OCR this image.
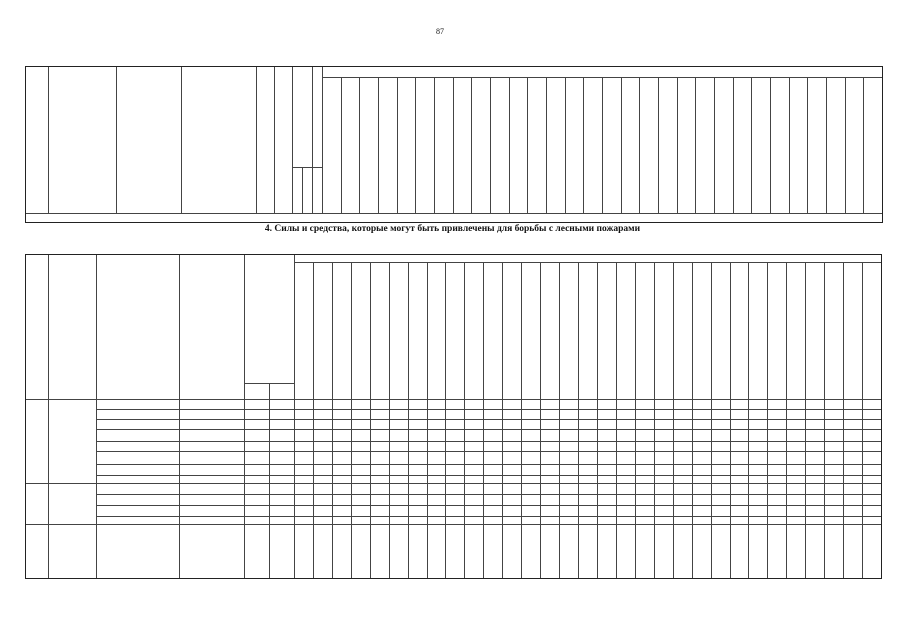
87
4. Силы и средства, которые могут быть привлечены для борьбы с лесными пожарами
